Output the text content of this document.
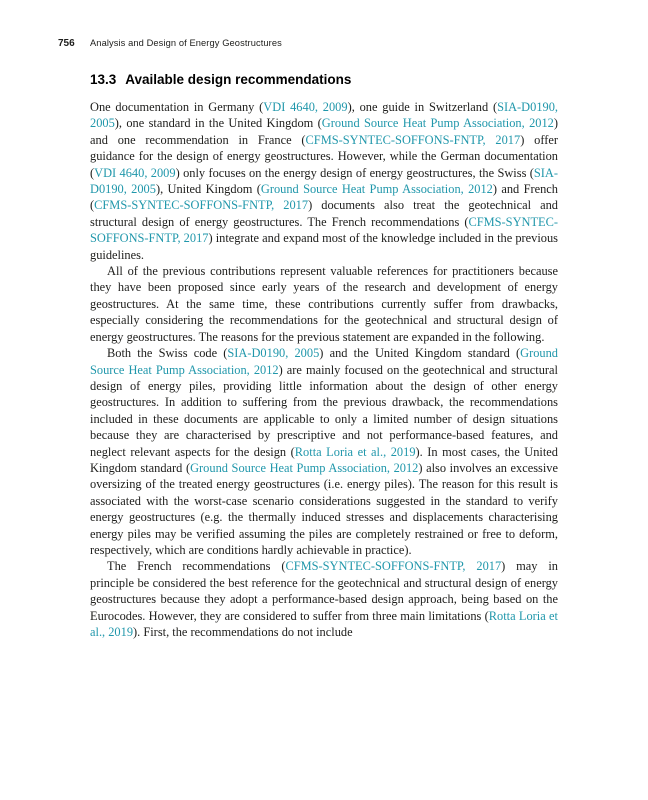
756	Analysis and Design of Energy Geostructures
13.3 Available design recommendations

One documentation in Germany (VDI 4640, 2009), one guide in Switzerland (SIA-D0190, 2005), one standard in the United Kingdom (Ground Source Heat Pump Association, 2012) and one recommendation in France (CFMS-SYNTEC-SOFFONS-FNTP, 2017) offer guidance for the design of energy geostructures. However, while the German documentation (VDI 4640, 2009) only focuses on the energy design of energy geostructures, the Swiss (SIA-D0190, 2005), United Kingdom (Ground Source Heat Pump Association, 2012) and French (CFMS-SYNTEC-SOFFONS-FNTP, 2017) documents also treat the geotechnical and structural design of energy geostructures. The French recommendations (CFMS-SYNTEC-SOFFONS-FNTP, 2017) integrate and expand most of the knowledge included in the previous guidelines.

All of the previous contributions represent valuable references for practitioners because they have been proposed since early years of the research and development of energy geostructures. At the same time, these contributions currently suffer from drawbacks, especially considering the recommendations for the geotechnical and structural design of energy geostructures. The reasons for the previous statement are expanded in the following.

Both the Swiss code (SIA-D0190, 2005) and the United Kingdom standard (Ground Source Heat Pump Association, 2012) are mainly focused on the geotechnical and structural design of energy piles, providing little information about the design of other energy geostructures. In addition to suffering from the previous drawback, the recommendations included in these documents are applicable to only a limited number of design situations because they are characterised by prescriptive and not performance-based features, and neglect relevant aspects for the design (Rotta Loria et al., 2019). In most cases, the United Kingdom standard (Ground Source Heat Pump Association, 2012) also involves an excessive oversizing of the treated energy geostructures (i.e. energy piles). The reason for this result is associated with the worst-case scenario considerations suggested in the standard to verify energy geostructures (e.g. the thermally induced stresses and displacements characterising energy piles may be verified assuming the piles are completely restrained or free to deform, respectively, which are conditions hardly achievable in practice).

The French recommendations (CFMS-SYNTEC-SOFFONS-FNTP, 2017) may in principle be considered the best reference for the geotechnical and structural design of energy geostructures because they adopt a performance-based design approach, being based on the Eurocodes. However, they are considered to suffer from three main limitations (Rotta Loria et al., 2019). First, the recommendations do not include
